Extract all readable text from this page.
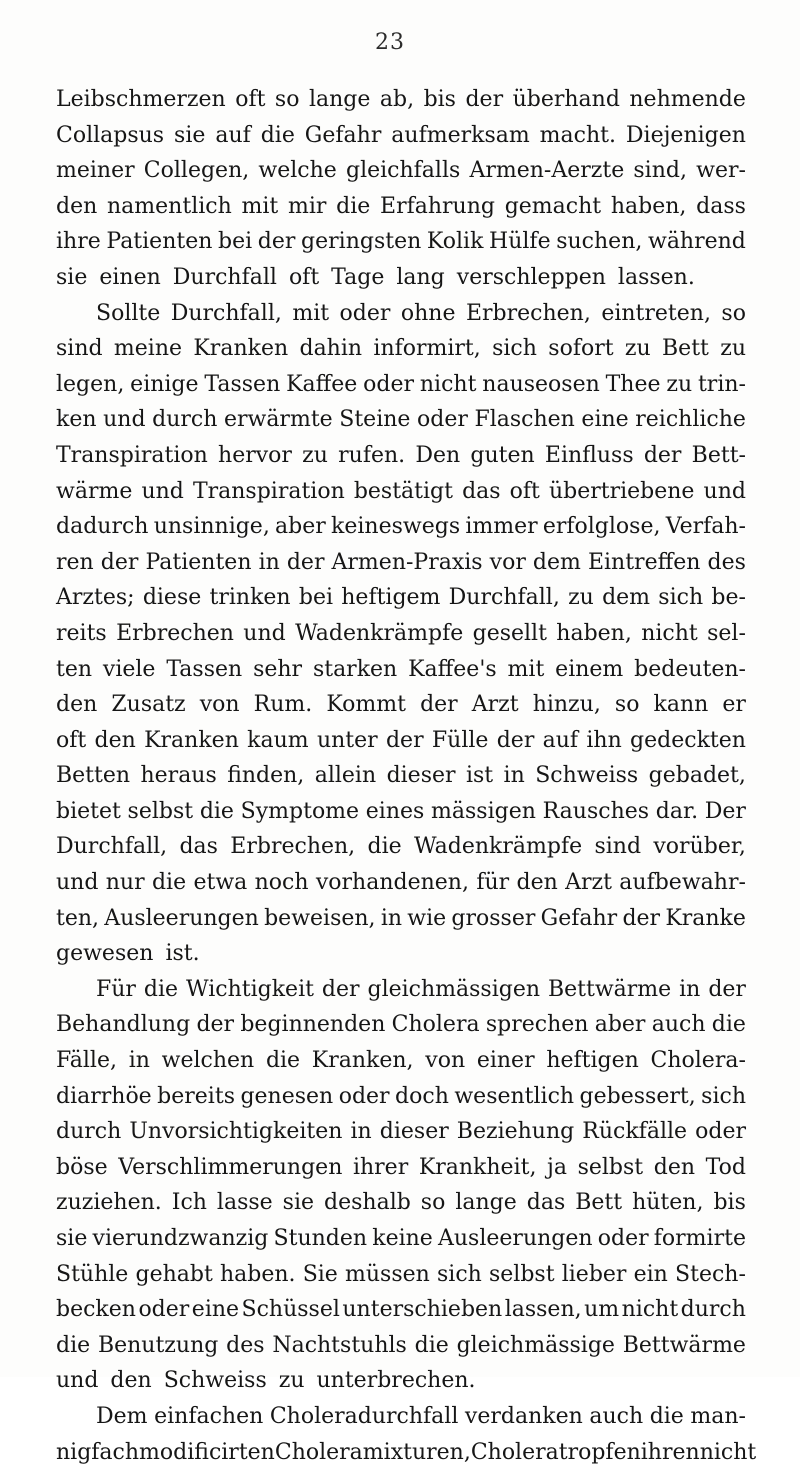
23
Leibschmerzen oft so lange ab, bis der überhand nehmende
Collapsus sie auf die Gefahr aufmerksam macht. Diejenigen
meiner Collegen, welche gleichfalls Armen-Aerzte sind, wer-
den namentlich mit mir die Erfahrung gemacht haben, dass
ihre Patienten bei der geringsten Kolik Hülfe suchen, während
sie einen Durchfall oft Tage lang verschleppen lassen.
Sollte Durchfall, mit oder ohne Erbrechen, eintreten, so
sind meine Kranken dahin informirt, sich sofort zu Bett zu
legen, einige Tassen Kaffee oder nicht nauseosen Thee zu trin-
ken und durch erwärmte Steine oder Flaschen eine reichliche
Transpiration hervor zu rufen. Den guten Einfluss der Bett-
wärme und Transpiration bestätigt das oft übertriebene und
dadurch unsinnige, aber keineswegs immer erfolglose, Verfah-
ren der Patienten in der Armen-Praxis vor dem Eintreffen des
Arztes; diese trinken bei heftigem Durchfall, zu dem sich be-
reits Erbrechen und Wadenkrämpfe gesellt haben, nicht sel-
ten viele Tassen sehr starken Kaffee's mit einem bedeuten-
den Zusatz von Rum. Kommt der Arzt hinzu, so kann er
oft den Kranken kaum unter der Fülle der auf ihn gedeckten
Betten heraus finden, allein dieser ist in Schweiss gebadet,
bietet selbst die Symptome eines mässigen Rausches dar. Der
Durchfall, das Erbrechen, die Wadenkrämpfe sind vorüber,
und nur die etwa noch vorhandenen, für den Arzt aufbewahr-
ten, Ausleerungen beweisen, in wie grosser Gefahr der Kranke
gewesen ist.
Für die Wichtigkeit der gleichmässigen Bettwärme in der
Behandlung der beginnenden Cholera sprechen aber auch die
Fälle, in welchen die Kranken, von einer heftigen Cholera-
diarrhöe bereits genesen oder doch wesentlich gebessert, sich
durch Unvorsichtigkeiten in dieser Beziehung Rückfälle oder
böse Verschlimmerungen ihrer Krankheit, ja selbst den Tod
zuziehen. Ich lasse sie deshalb so lange das Bett hüten, bis
sie vierundzwanzig Stunden keine Ausleerungen oder formirte
Stühle gehabt haben. Sie müssen sich selbst lieber ein Stech-
becken oder eine Schüssel unterschieben lassen, um nicht durch
die Benutzung des Nachtstuhls die gleichmässige Bettwärme
und den Schweiss zu unterbrechen.
Dem einfachen Choleradurchfall verdanken auch die man-
nigfach modificirten Choleramixturen, Choleratropfen ihren nicht
